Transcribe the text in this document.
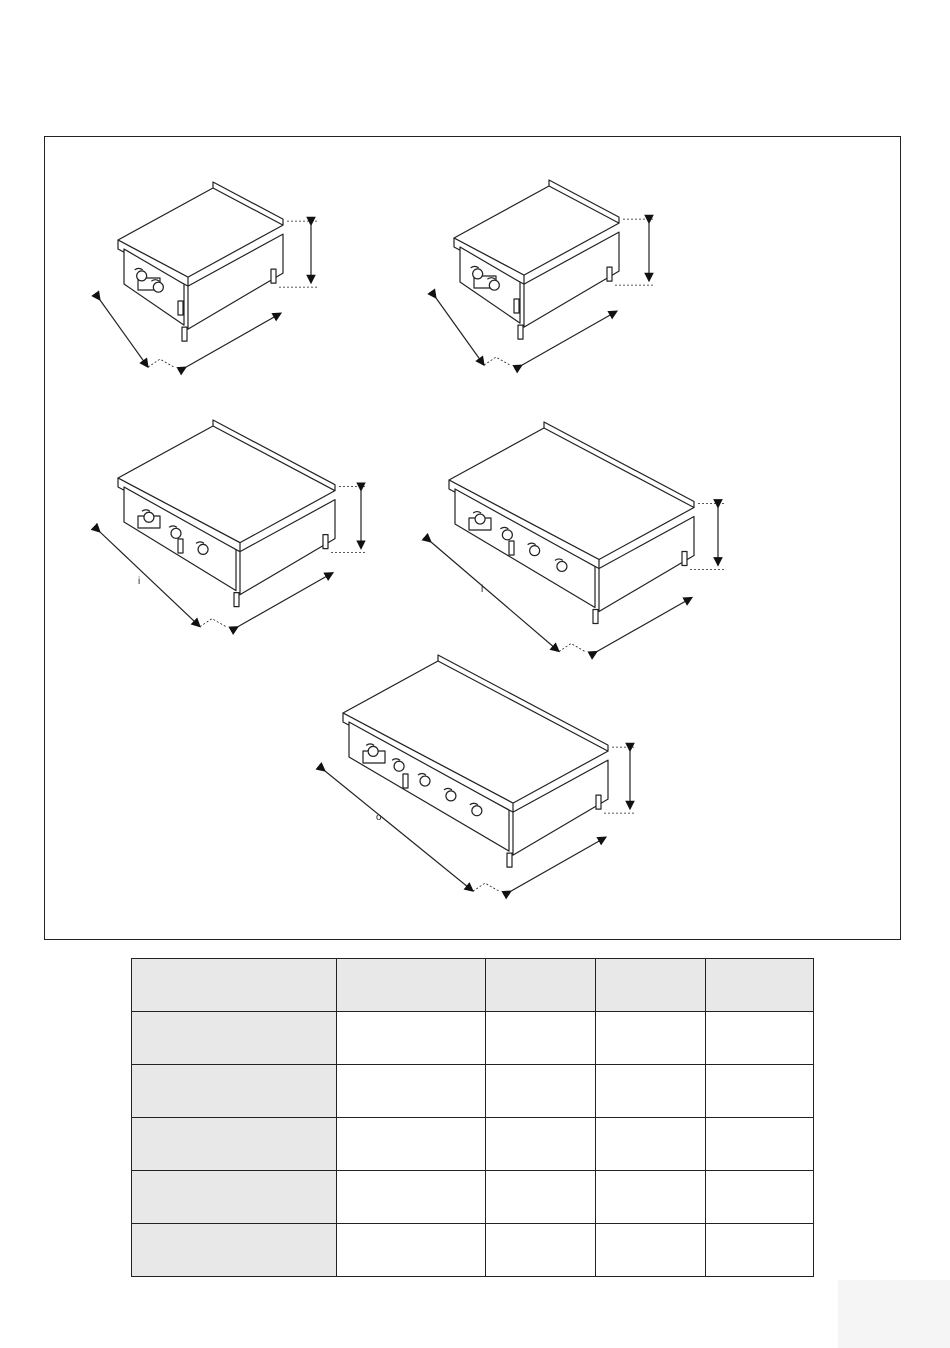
i
l
o
